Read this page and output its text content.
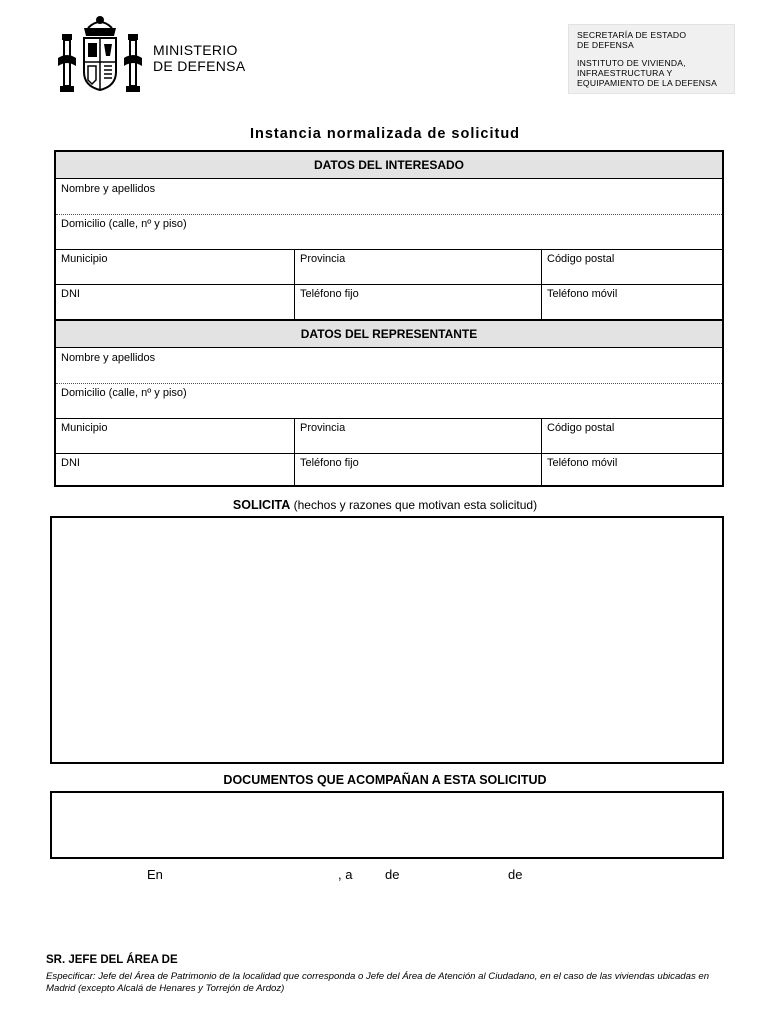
MINISTERIO
DE DEFENSA
SECRETARÍA DE ESTADO
DE DEFENSA
INSTITUTO DE VIVIENDA,
INFRAESTRUCTURA Y
EQUIPAMIENTO DE LA DEFENSA
Instancia normalizada de solicitud
DATOS DEL INTERESADO
Nombre y apellidos
Domicilio (calle, nº y piso)
Municipio	Provincia	Código postal
DNI	Teléfono fijo	Teléfono móvil
DATOS DEL REPRESENTANTE
Nombre y apellidos
Domicilio (calle, nº y piso)
Municipio	Provincia	Código postal
DNI	Teléfono fijo	Teléfono móvil
SOLICITA (hechos y razones que motivan esta solicitud)
DOCUMENTOS QUE ACOMPAÑAN A ESTA SOLICITUD
En	, a	de	de
SR. JEFE DEL ÁREA DE
Especificar: Jefe del Área de Patrimonio de la localidad que corresponda o Jefe del Área de Atención al Ciudadano, en el caso de las viviendas ubicadas en Madrid (excepto Alcalá de Henares y Torrejón de Ardoz)
